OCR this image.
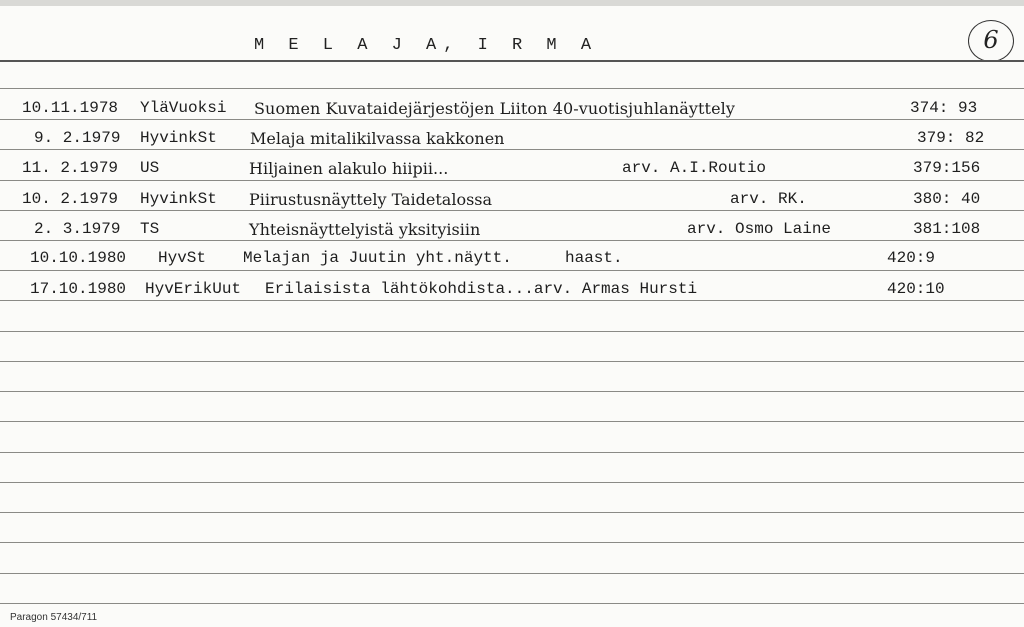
M E L A J A, I R M A	6
10.11.1978	YläVuoksi	Suomen Kuvataidejärjestöjen Liiton 40-vuotisjuhlanäyttely	374: 93
9. 2.1979 HyvinkSt Melaja mitalikilvassa kakkonen	379: 82
11. 2.1979 US	Hiljainen alakulo hiipii...	arv. A.I.Routio	379:156
10. 2.1979 HyvinkSt Piirustusnäyttely Taidetalossa	arv. RK.	380: 40
2. 3.1979 TS	Yhteisnäyttelyistä yksityisiin	arv. Osmo Laine	381:108
10.10.1980 HyvSt Melajan ja Juutin yht.näytt.	haast.	420:9
17.10.1980 HyvErikUut Erilaisista lähtökohdista...arv. Armas Hursti	420:10
Paragon 57434/711
